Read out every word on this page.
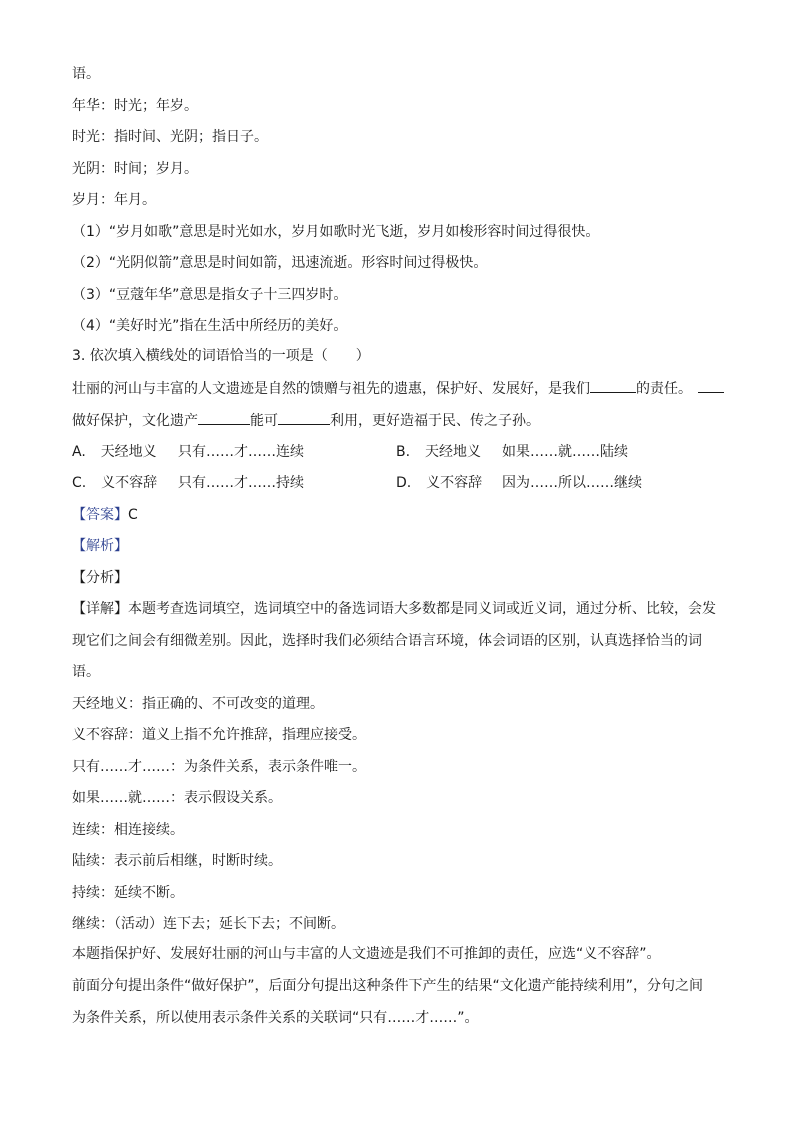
语。
年华：时光；年岁。
时光：指时间、光阴；指日子。
光阴：时间；岁月。
岁月：年月。
（1）“岁月如歌”意思是时光如水，岁月如歌时光飞逝，岁月如梭形容时间过得很快。
（2）“光阴似箭”意思是时间如箭，迅速流逝。形容时间过得极快。
（3）“豆蔻年华”意思是指女子十三四岁时。
（4）“美好时光”指在生活中所经历的美好。
3. 依次填入横线处的词语恰当的一项是（　　）
壮丽的河山与丰富的人文遗迹是自然的馈赠与祖先的遗惠，保护好、发展好，是我们	的责任。
做好保护，文化遗产	能可	利用，更好造福于民、传之子孙。
A. 天经地义 只有……才……连续	B. 天经地义 如果……就……陆续
C. 义不容辞 只有……才……持续	D. 义不容辞 因为……所以……继续
【答案】C
【解析】
【分析】
【详解】本题考查选词填空，选词填空中的备选词语大多数都是同义词或近义词，通过分析、比较，会发
现它们之间会有细微差别。因此，选择时我们必须结合语言环境，体会词语的区别，认真选择恰当的词
语。
天经地义：指正确的、不可改变的道理。
义不容辞：道义上指不允许推辞，指理应接受。
只有……才……：为条件关系，表示条件唯一。
如果……就……：表示假设关系。
连续：相连接续。
陆续：表示前后相继，时断时续。
持续：延续不断。
继续：（活动）连下去；延长下去；不间断。
本题指保护好、发展好壮丽的河山与丰富的人文遗迹是我们不可推卸的责任，应选“义不容辞”。
前面分句提出条件“做好保护”，后面分句提出这种条件下产生的结果“文化遗产能持续利用”，分句之间
为条件关系，所以使用表示条件关系的关联词“只有……才……”。
